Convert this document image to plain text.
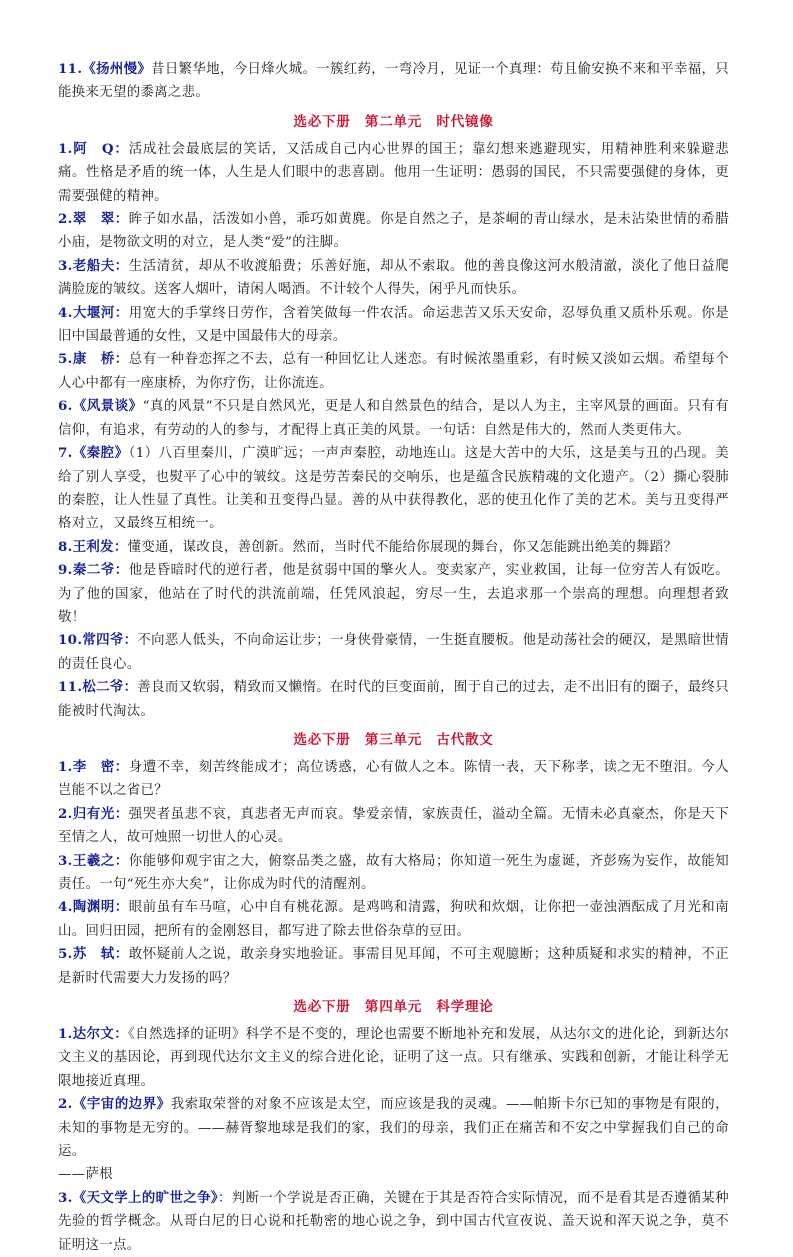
11.《扬州慢》昔日繁华地，今日烽火城。一簇红药，一弯冷月，见证一个真理：苟且偷安换不来和平幸福，只能换来无望的黍离之悲。

选必下册　第二单元　时代镜像

1.阿　Q：活成社会最底层的笑话，又活成自己内心世界的国王；靠幻想来逃避现实，用精神胜利来躲避悲痛。性格是矛盾的统一体，人生是人们眼中的悲喜剧。他用一生证明：愚弱的国民，不只需要强健的身体，更需要强健的精神。

2.翠　翠：眸子如水晶，活泼如小兽，乖巧如黄麂。你是自然之子，是茶峒的青山绿水，是未沾染世情的希腊小庙，是物欲文明的对立，是人类“爱”的注脚。

3.老船夫：生活清贫，却从不收渡船费；乐善好施，却从不索取。他的善良像这河水般清澈，淡化了他日益爬满脸庞的皱纹。送客人烟叶，请闲人喝酒。不计较个人得失，闲乎凡而快乐。

4.大堰河：用宽大的手掌终日劳作，含着笑做每一件农活。命运悲苦又乐天安命，忍辱负重又质朴乐观。你是旧中国最普通的女性，又是中国最伟大的母亲。

5.康　桥：总有一种眷恋挥之不去，总有一种回忆让人迷恋。有时候浓墨重彩，有时候又淡如云烟。希望每个人心中都有一座康桥，为你疗伤，让你流连。

6.《风景谈》“真的风景”不只是自然风光，更是人和自然景色的结合，是以人为主，主宰风景的画面。只有有信仰，有追求，有劳动的人的参与，才配得上真正美的风景。一句话：自然是伟大的，然而人类更伟大。

7.《秦腔》（1）八百里秦川，广漠旷远；一声声秦腔，动地连山。这是大苦中的大乐，这是美与丑的凸现。美给了别人享受，也熨平了心中的皱纹。这是劳苦秦民的交响乐，也是蕴含民族精魂的文化遗产。（2）撕心裂肺的秦腔，让人性显了真性。让美和丑变得凸显。善的从中获得教化，恶的使丑化作了美的艺术。美与丑变得严格对立，又最终互相统一。

8.王利发：懂变通，谋改良，善创新。然而，当时代不能给你展现的舞台，你又怎能跳出绝美的舞蹈？

9.秦二爷：他是昏暗时代的逆行者，他是贫弱中国的擎火人。变卖家产，实业救国，让每一位穷苦人有饭吃。为了他的国家，他站在了时代的洪流前端，任凭风浪起，穷尽一生，去追求那一个崇高的理想。向理想者致敬！

10.常四爷：不向恶人低头，不向命运让步；一身侠骨豪情，一生挺直腰板。他是动荡社会的硬汉，是黑暗世情的责任良心。

11.松二爷：善良而又软弱，精致而又懒惰。在时代的巨变面前，囿于自己的过去，走不出旧有的圈子，最终只能被时代淘汰。

选必下册　第三单元　古代散文

1.李　密：身遭不幸，刻苦终能成才；高位诱惑，心有做人之本。陈情一表，天下称孝，读之无不堕泪。今人岂能不以之省已？

2.归有光：强哭者虽悲不哀，真悲者无声而哀。挚爱亲情，家族责任，溢动全篇。无情未必真豪杰，你是天下至情之人，故可烛照一切世人的心灵。

3.王羲之：你能够仰观宇宙之大，俯察品类之盛，故有大格局；你知道一死生为虚诞，齐彭殇为妄作，故能知责任。一句“死生亦大矣”，让你成为时代的清醒剂。

4.陶渊明：眼前虽有车马喧，心中自有桃花源。是鸡鸣和清露，狗吠和炊烟，让你把一壶浊酒酝成了月光和南山。回归田园，把所有的金刚怒目，都写进了除去世俗杂草的豆田。

5.苏　轼：敢怀疑前人之说，敢亲身实地验证。事需目见耳闻，不可主观臆断；这种质疑和求实的精神，不正是新时代需要大力发扬的吗？

选必下册　第四单元　科学理论

1.达尔文：《自然选择的证明》科学不是不变的，理论也需要不断地补充和发展，从达尔文的进化论，到新达尔文主义的基因论，再到现代达尔文主义的综合进化论，证明了这一点。只有继承、实践和创新，才能让科学无限地接近真理。

2.《宇宙的边界》我索取荣誉的对象不应该是太空，而应该是我的灵魂。——帕斯卡尔已知的事物是有限的，未知的事物是无穷的。——赫胥黎地球是我们的家，我们的母亲，我们正在痛苦和不安之中掌握我们自己的命运。
——萨根

3.《天文学上的旷世之争》：判断一个学说是否正确，关键在于其是否符合实际情况，而不是看其是否遵循某种先验的哲学概念。从哥白尼的日心说和托勒密的地心说之争，到中国古代宣夜说、盖天说和浑天说之争，莫不证明这一点。
